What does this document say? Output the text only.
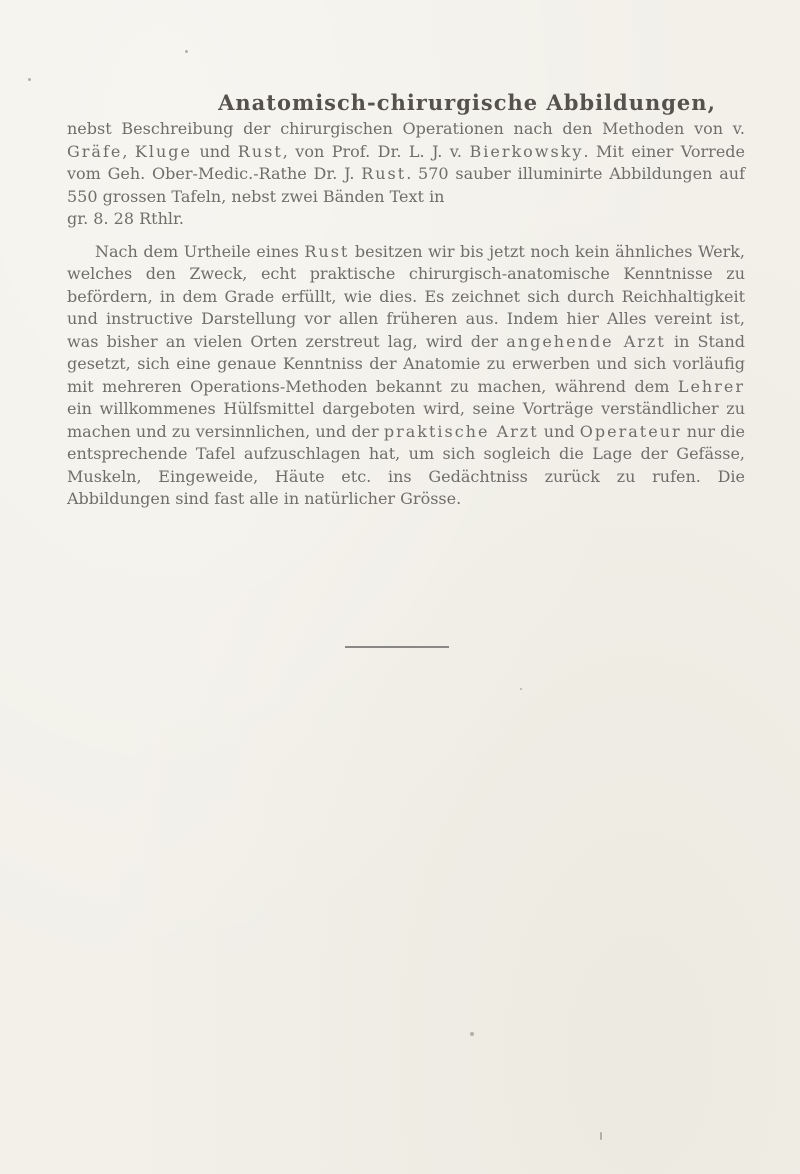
Anatomisch-chirurgische Abbildungen,

nebst Beschreibung der chirurgischen Operationen nach den Methoden von v. Gräfe, Kluge und Rust, von Prof. Dr. L. J. v. Bierkowsky. Mit einer Vorrede vom Geh. Ober-Medic.-Rathe Dr. J. Rust. 570 sauber illuminirte Abbildungen auf 550 grossen Tafeln, nebst zwei Bänden Text in
gr. 8. 28 Rthlr.

Nach dem Urtheile eines Rust besitzen wir bis jetzt noch kein ähnliches Werk, welches den Zweck, echt praktische chirurgisch-anatomische Kenntnisse zu befördern, in dem Grade erfüllt, wie dies. Es zeichnet sich durch Reichhaltigkeit und instructive Darstellung vor allen früheren aus. Indem hier Alles vereint ist, was bisher an vielen Orten zerstreut lag, wird der angehende Arzt in Stand gesetzt, sich eine genaue Kenntniss der Anatomie zu erwerben und sich vorläufig mit mehreren Operations-Methoden bekannt zu machen, während dem Lehrer ein willkommenes Hülfsmittel dargeboten wird, seine Vorträge verständlicher zu machen und zu versinnlichen, und der praktische Arzt und Operateur nur die entsprechende Tafel aufzuschlagen hat, um sich sogleich die Lage der Gefässe, Muskeln, Eingeweide, Häute etc. ins Gedächtniss zurück zu rufen. Die Abbildungen sind fast alle in natürlicher Grösse.
